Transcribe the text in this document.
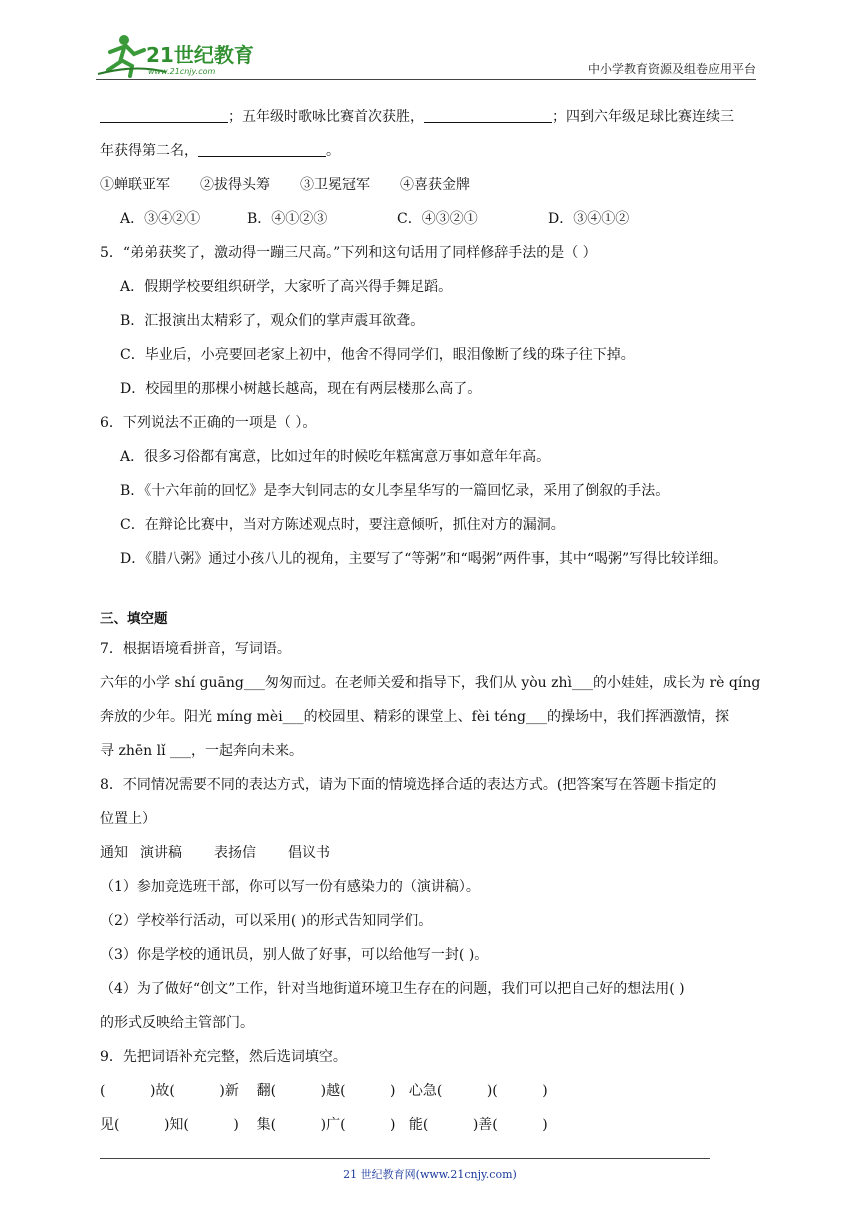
21世纪教育
www.21cnjy.com	中小学教育资源及组卷应用平台
；五年级时歌咏比赛首次获胜，	；四到六年级足球比赛连续三
年获得第二名，	。
①蝉联亚军 ②拔得头筹 ③卫冕冠军 ④喜获金牌
A．③④②①	B．④①②③	C．④③②①	D．③④①②
5．“弟弟获奖了，激动得一蹦三尺高。”下列和这句话用了同样修辞手法的是（ ）
A．假期学校要组织研学，大家听了高兴得手舞足蹈。
B．汇报演出太精彩了，观众们的掌声震耳欲聋。
C．毕业后，小亮要回老家上初中，他舍不得同学们，眼泪像断了线的珠子往下掉。
D．校园里的那棵小树越长越高，现在有两层楼那么高了。
6．下列说法不正确的一项是（ ）。
A．很多习俗都有寓意，比如过年的时候吃年糕寓意万事如意年年高。
B．《十六年前的回忆》是李大钊同志的女儿李星华写的一篇回忆录，采用了倒叙的手法。
C．在辩论比赛中，当对方陈述观点时，要注意倾听，抓住对方的漏洞。
D．《腊八粥》通过小孩八儿的视角，主要写了“等粥”和“喝粥”两件事，其中“喝粥”写得比较详细。
三、填空题
7．根据语境看拼音，写词语。
六年的小学 shí guāng___匆匆而过。在老师关爱和指导下，我们从 yòu zhì___的小娃娃，成长为 rè qíng
奔放的少年。阳光 míng mèi___的校园里、精彩的课堂上、fèi téng___的操场中，我们挥洒激情，探
寻 zhēn lǐ ___，一起奔向未来。
8．不同情况需要不同的表达方式，请为下面的情境选择合适的表达方式。(把答案写在答题卡指定的
位置上）
通知 演讲稿 表扬信 倡议书
（1）参加竞选班干部，你可以写一份有感染力的（演讲稿）。
（2）学校举行活动，可以采用( )的形式告知同学们。
（3）你是学校的通讯员，别人做了好事，可以给他写一封( )。
（4）为了做好“创文”工作，针对当地街道环境卫生存在的问题，我们可以把自己好的想法用( )
的形式反映给主管部门。
9．先把词语补充完整，然后选词填空。
(          )故(          )新    翻(          )越(          )   心急(          )(          )
见(          )知(          )    集(          )广(          )   能(          )善(          )
21 世纪教育网(www.21cnjy.com)
